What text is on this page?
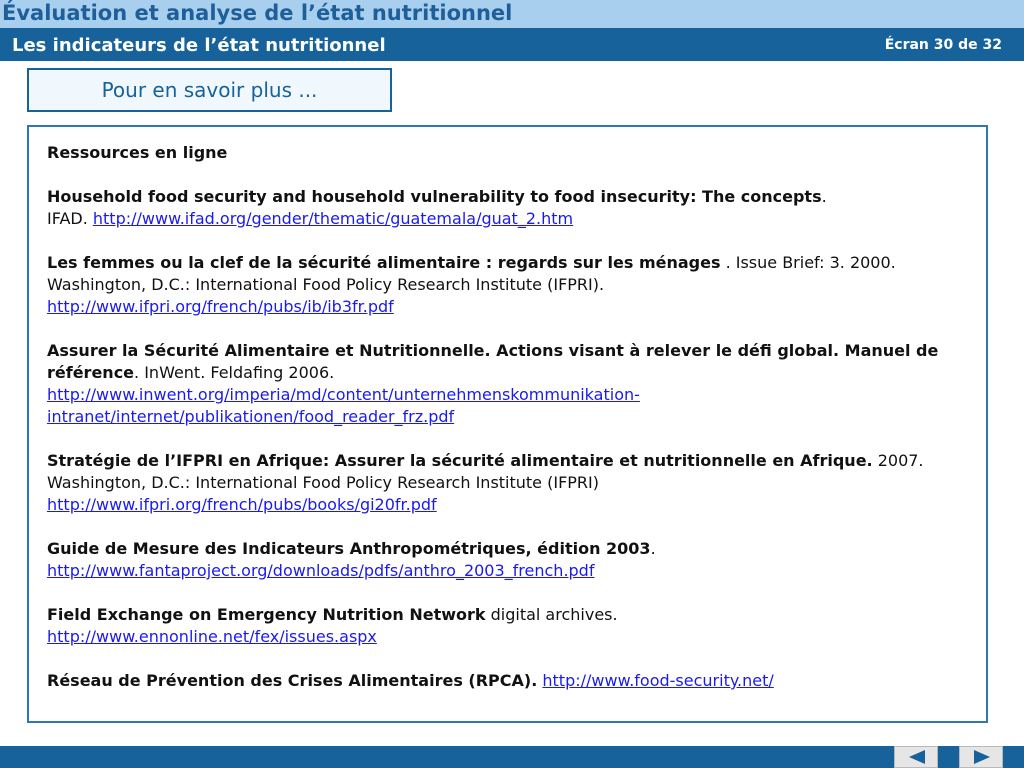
Évaluation et analyse de l’état nutritionnel
Les indicateurs de l’état nutritionnel	Écran 30 de 32
Pour en savoir plus ...

Ressources en ligne

Household food security and household vulnerability to food insecurity: The concepts.
IFAD. http://www.ifad.org/gender/thematic/guatemala/guat_2.htm

Les femmes ou la clef de la sécurité alimentaire : regards sur les ménages . Issue Brief: 3. 2000. Washington, D.C.: International Food Policy Research Institute (IFPRI).
http://www.ifpri.org/french/pubs/ib/ib3fr.pdf

Assurer la Sécurité Alimentaire et Nutritionnelle. Actions visant à relever le défi global. Manuel de référence. InWent. Feldafing 2006.
http://www.inwent.org/imperia/md/content/unternehmenskommunikation-intranet/internet/publikationen/food_reader_frz.pdf

Stratégie de l’IFPRI en Afrique: Assurer la sécurité alimentaire et nutritionnelle en Afrique. 2007. Washington, D.C.: International Food Policy Research Institute (IFPRI)
http://www.ifpri.org/french/pubs/books/gi20fr.pdf

Guide de Mesure des Indicateurs Anthropométriques, édition 2003.
http://www.fantaproject.org/downloads/pdfs/anthro_2003_french.pdf

Field Exchange on Emergency Nutrition Network digital archives.
http://www.ennonline.net/fex/issues.aspx

Réseau de Prévention des Crises Alimentaires (RPCA). http://www.food-security.net/
